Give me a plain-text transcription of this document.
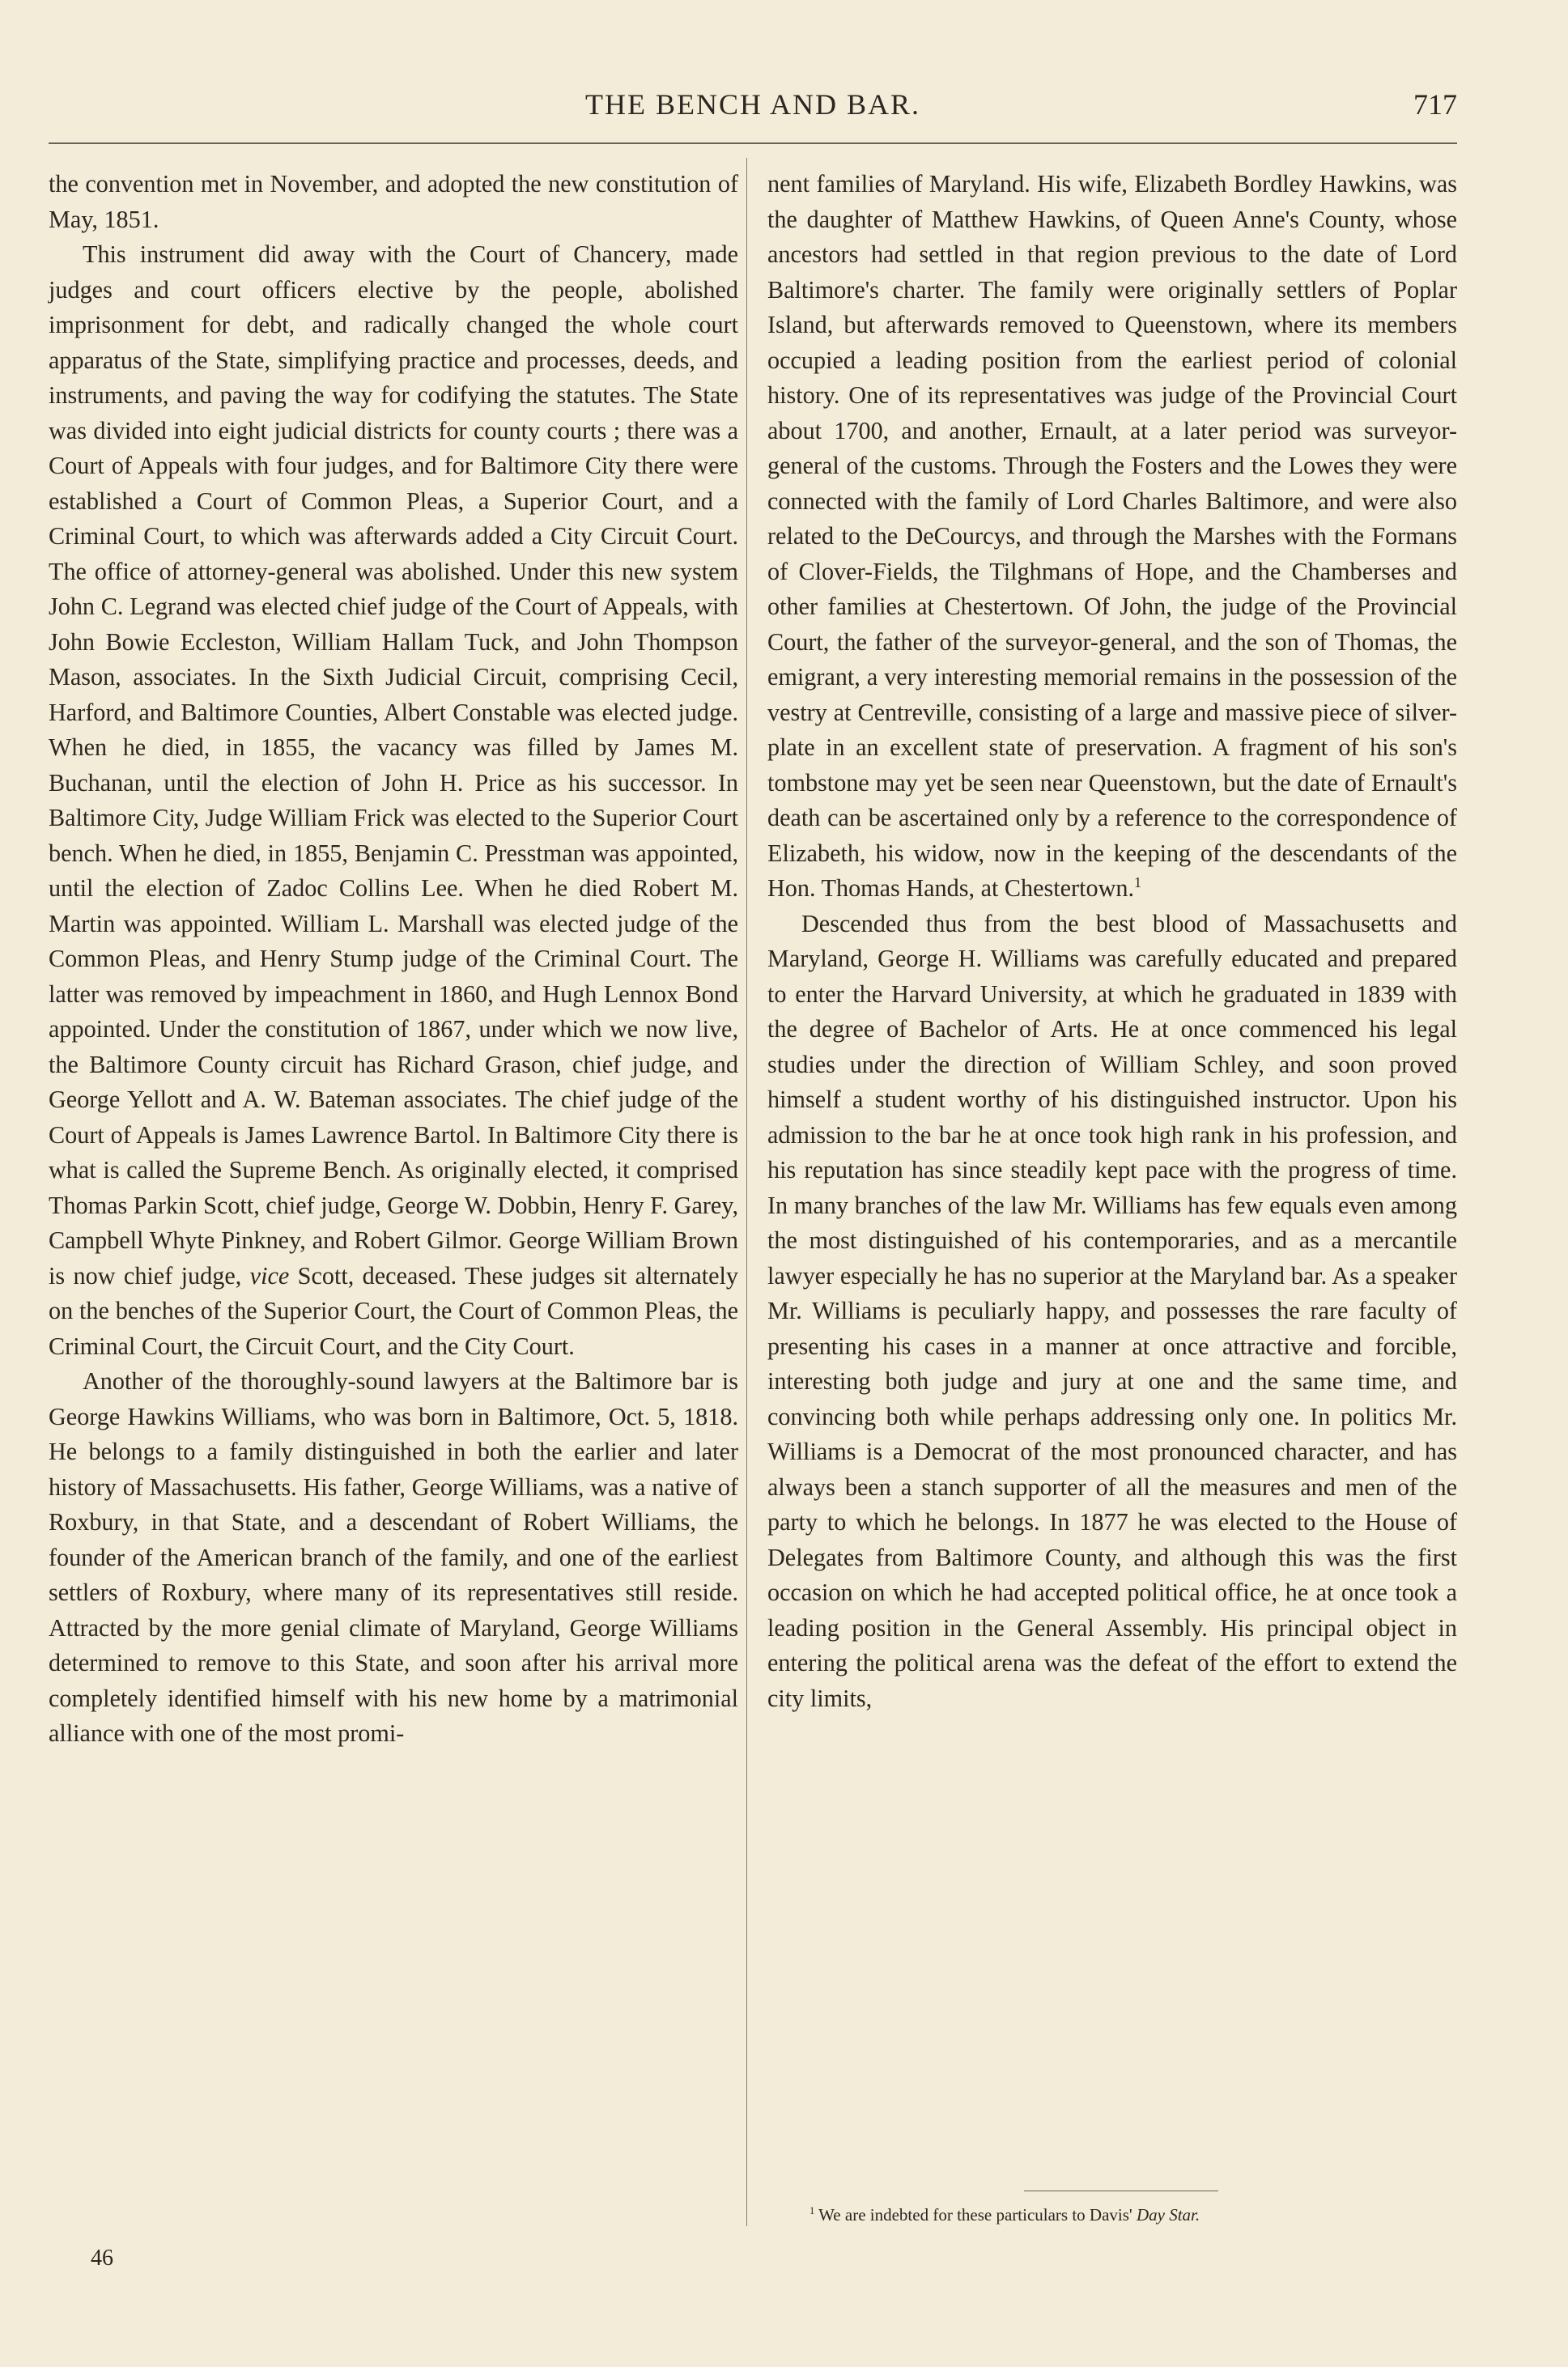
THE BENCH AND BAR.	717

the convention met in November, and adopted the new constitution of May, 1851.

This instrument did away with the Court of Chancery, made judges and court officers elective by the people, abolished imprisonment for debt, and radically changed the whole court apparatus of the State, simplifying practice and processes, deeds, and instruments, and paving the way for codifying the statutes. The State was divided into eight judicial districts for county courts ; there was a Court of Appeals with four judges, and for Baltimore City there were established a Court of Common Pleas, a Superior Court, and a Criminal Court, to which was afterwards added a City Circuit Court. The office of attorney-general was abolished. Under this new system John C. Legrand was elected chief judge of the Court of Appeals, with John Bowie Eccleston, William Hallam Tuck, and John Thompson Mason, associates. In the Sixth Judicial Circuit, comprising Cecil, Harford, and Baltimore Counties, Albert Constable was elected judge. When he died, in 1855, the vacancy was filled by James M. Buchanan, until the election of John H. Price as his successor. In Baltimore City, Judge William Frick was elected to the Superior Court bench. When he died, in 1855, Benjamin C. Presstman was appointed, until the election of Zadoc Collins Lee. When he died Robert M. Martin was appointed. William L. Marshall was elected judge of the Common Pleas, and Henry Stump judge of the Criminal Court. The latter was removed by impeachment in 1860, and Hugh Lennox Bond appointed. Under the constitution of 1867, under which we now live, the Baltimore County circuit has Richard Grason, chief judge, and George Yellott and A. W. Bateman associates. The chief judge of the Court of Appeals is James Lawrence Bartol. In Baltimore City there is what is called the Supreme Bench. As originally elected, it comprised Thomas Parkin Scott, chief judge, George W. Dobbin, Henry F. Garey, Campbell Whyte Pinkney, and Robert Gilmor. George William Brown is now chief judge, vice Scott, deceased. These judges sit alternately on the benches of the Superior Court, the Court of Common Pleas, the Criminal Court, the Circuit Court, and the City Court.

Another of the thoroughly-sound lawyers at the Baltimore bar is George Hawkins Williams, who was born in Baltimore, Oct. 5, 1818. He belongs to a family distinguished in both the earlier and later history of Massachusetts. His father, George Williams, was a native of Roxbury, in that State, and a descendant of Robert Williams, the founder of the American branch of the family, and one of the earliest settlers of Roxbury, where many of its representatives still reside. Attracted by the more genial climate of Maryland, George Williams determined to remove to this State, and soon after his arrival more completely identified himself with his new home by a matrimonial alliance with one of the most promi-

nent families of Maryland. His wife, Elizabeth Bordley Hawkins, was the daughter of Matthew Hawkins, of Queen Anne's County, whose ancestors had settled in that region previous to the date of Lord Baltimore's charter. The family were originally settlers of Poplar Island, but afterwards removed to Queenstown, where its members occupied a leading position from the earliest period of colonial history. One of its representatives was judge of the Provincial Court about 1700, and another, Ernault, at a later period was surveyor-general of the customs. Through the Fosters and the Lowes they were connected with the family of Lord Charles Baltimore, and were also related to the DeCourcys, and through the Marshes with the Formans of Clover-Fields, the Tilghmans of Hope, and the Chamberses and other families at Chestertown. Of John, the judge of the Provincial Court, the father of the surveyor-general, and the son of Thomas, the emigrant, a very interesting memorial remains in the possession of the vestry at Centreville, consisting of a large and massive piece of silver-plate in an excellent state of preservation. A fragment of his son's tombstone may yet be seen near Queenstown, but the date of Ernault's death can be ascertained only by a reference to the correspondence of Elizabeth, his widow, now in the keeping of the descendants of the Hon. Thomas Hands, at Chestertown.$^1$

Descended thus from the best blood of Massachusetts and Maryland, George H. Williams was carefully educated and prepared to enter the Harvard University, at which he graduated in 1839 with the degree of Bachelor of Arts. He at once commenced his legal studies under the direction of William Schley, and soon proved himself a student worthy of his distinguished instructor. Upon his admission to the bar he at once took high rank in his profession, and his reputation has since steadily kept pace with the progress of time. In many branches of the law Mr. Williams has few equals even among the most distinguished of his contemporaries, and as a mercantile lawyer especially he has no superior at the Maryland bar. As a speaker Mr. Williams is peculiarly happy, and possesses the rare faculty of presenting his cases in a manner at once attractive and forcible, interesting both judge and jury at one and the same time, and convincing both while perhaps addressing only one. In politics Mr. Williams is a Democrat of the most pronounced character, and has always been a stanch supporter of all the measures and men of the party to which he belongs. In 1877 he was elected to the House of Delegates from Baltimore County, and although this was the first occasion on which he had accepted political office, he at once took a leading position in the General Assembly. His principal object in entering the political arena was the defeat of the effort to extend the city limits,

$^1$ We are indebted for these particulars to Davis' Day Star.
46
